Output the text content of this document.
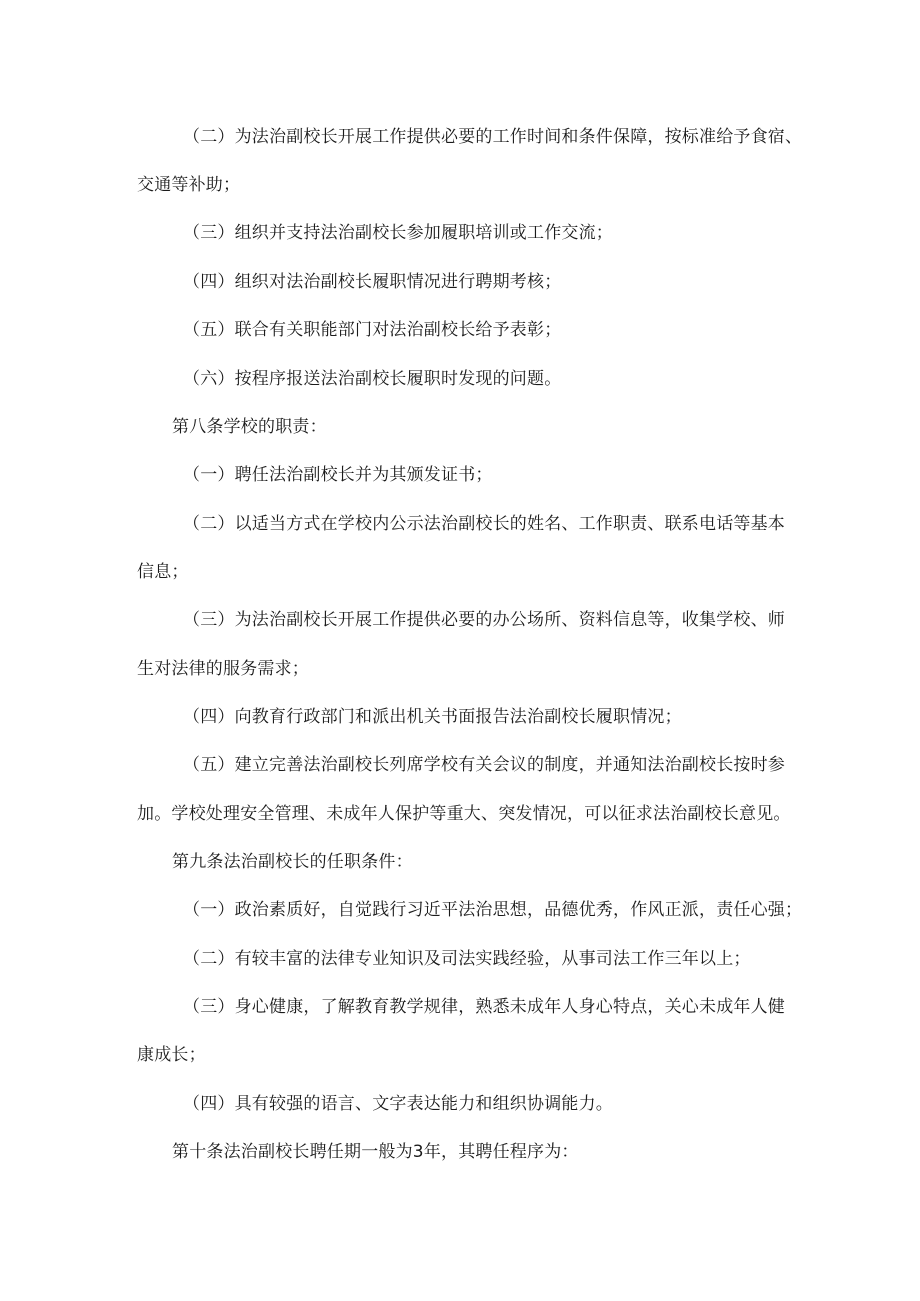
（二）为法治副校长开展工作提供必要的工作时间和条件保障，按标准给予食宿、
交通等补助；
（三）组织并支持法治副校长参加履职培训或工作交流；
（四）组织对法治副校长履职情况进行聘期考核；
（五）联合有关职能部门对法治副校长给予表彰；
（六）按程序报送法治副校长履职时发现的问题。
第八条学校的职责：
（一）聘任法治副校长并为其颁发证书；
（二）以适当方式在学校内公示法治副校长的姓名、工作职责、联系电话等基本
信息；
（三）为法治副校长开展工作提供必要的办公场所、资料信息等，收集学校、师
生对法律的服务需求；
（四）向教育行政部门和派出机关书面报告法治副校长履职情况；
（五）建立完善法治副校长列席学校有关会议的制度，并通知法治副校长按时参
加。学校处理安全管理、未成年人保护等重大、突发情况，可以征求法治副校长意见。
第九条法治副校长的任职条件：
（一）政治素质好，自觉践行习近平法治思想，品德优秀，作风正派，责任心强；
（二）有较丰富的法律专业知识及司法实践经验，从事司法工作三年以上；
（三）身心健康，了解教育教学规律，熟悉未成年人身心特点，关心未成年人健
康成长；
（四）具有较强的语言、文字表达能力和组织协调能力。
第十条法治副校长聘任期一般为3年，其聘任程序为：
